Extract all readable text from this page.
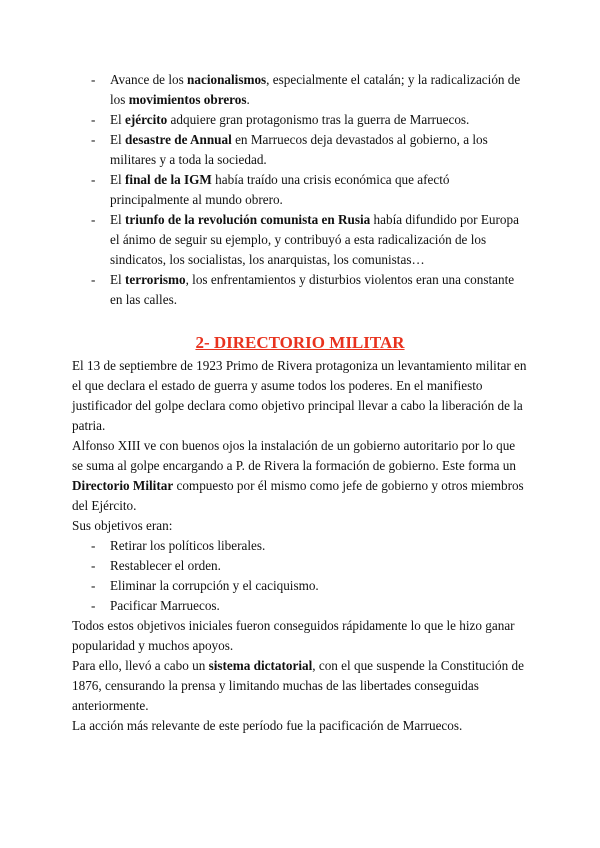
- Avance de los nacionalismos, especialmente el catalán; y la radicalización de los movimientos obreros.
- El ejército adquiere gran protagonismo tras la guerra de Marruecos.
- El desastre de Annual en Marruecos deja devastados al gobierno, a los militares y a toda la sociedad.
- El final de la IGM había traído una crisis económica que afectó principalmente al mundo obrero.
- El triunfo de la revolución comunista en Rusia había difundido por Europa el ánimo de seguir su ejemplo, y contribuyó a esta radicalización de los sindicatos, los socialistas, los anarquistas, los comunistas…
- El terrorismo, los enfrentamientos y disturbios violentos eran una constante en las calles.
2- DIRECTORIO MILITAR

El 13 de septiembre de 1923 Primo de Rivera protagoniza un levantamiento militar en el que declara el estado de guerra y asume todos los poderes. En el manifiesto justificador del golpe declara como objetivo principal llevar a cabo la liberación de la patria.

Alfonso XIII ve con buenos ojos la instalación de un gobierno autoritario por lo que se suma al golpe encargando a P. de Rivera la formación de gobierno. Este forma un Directorio Militar compuesto por él mismo como jefe de gobierno y otros miembros del Ejército.

Sus objetivos eran:

- Retirar los políticos liberales.
- Restablecer el orden.
- Eliminar la corrupción y el caciquismo.
- Pacificar Marruecos.

Todos estos objetivos iniciales fueron conseguidos rápidamente lo que le hizo ganar popularidad y muchos apoyos.

Para ello, llevó a cabo un sistema dictatorial, con el que suspende la Constitución de 1876, censurando la prensa y limitando muchas de las libertades conseguidas anteriormente.

La acción más relevante de este período fue la pacificación de Marruecos.
